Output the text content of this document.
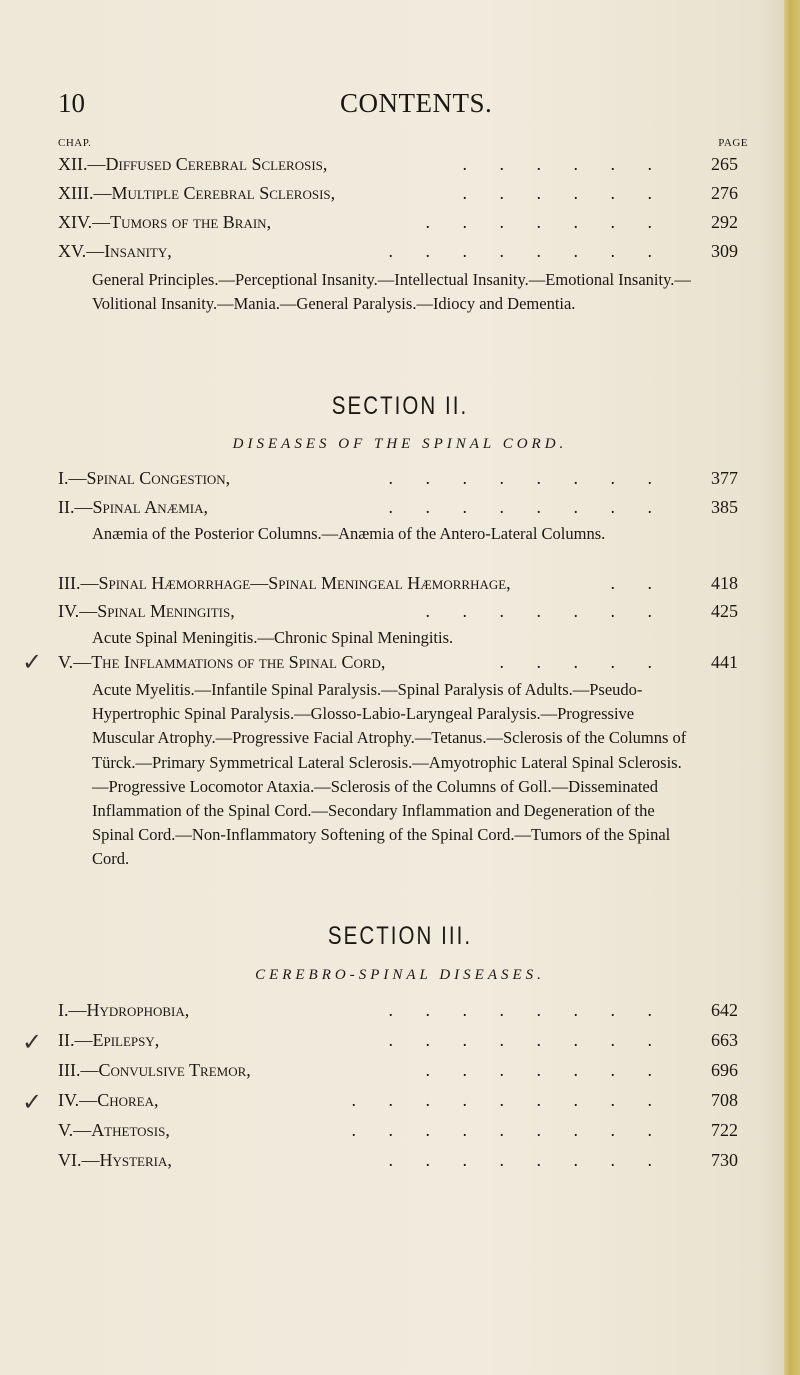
10	CONTENTS.
CHAP.	PAGE
XII.—Diffused Cerebral Sclerosis,	. . . . . .	265
XIII.—Multiple Cerebral Sclerosis,	. . . . . .	276
XIV.—Tumors of the Brain,	. . . . . . .	292
XV.—Insanity,	. . . . . . . .	309
General Principles.—Perceptional Insanity.—Intellectual Insanity.—Emotional Insanity.—Volitional Insanity.—Mania.—General Paralysis.—Idiocy and Dementia.
SECTION II.
DISEASES OF THE SPINAL CORD.
I.—Spinal Congestion,	. . . . . . . .	377
II.—Spinal Anæmia,	. . . . . . . .	385
Anæmia of the Posterior Columns.—Anæmia of the Antero-Lateral Columns.
III.—Spinal Hæmorrhage—Spinal Meningeal Hæmorrhage,	. .	418
IV.—Spinal Meningitis,	. . . . . . .	425
Acute Spinal Meningitis.—Chronic Spinal Meningitis.
V.—The Inflammations of the Spinal Cord,	. . . . .	441
Acute Myelitis.—Infantile Spinal Paralysis.—Spinal Paralysis of Adults.—Pseudo-Hypertrophic Spinal Paralysis.—Glosso-Labio-Laryngeal Paralysis.—Progressive Muscular Atrophy.—Progressive Facial Atrophy.—Tetanus.—Sclerosis of the Columns of Türck.—Primary Symmetrical Lateral Sclerosis.—Amyotrophic Lateral Spinal Sclerosis.—Progressive Locomotor Ataxia.—Sclerosis of the Columns of Goll.—Disseminated Inflammation of the Spinal Cord.—Secondary Inflammation and Degeneration of the Spinal Cord.—Non-Inflammatory Softening of the Spinal Cord.—Tumors of the Spinal Cord.
✓
SECTION III.
CEREBRO-SPINAL DISEASES.
I.—Hydrophobia,	. . . . . . . .	642
II.—Epilepsy,	. . . . . . . .	663
III.—Convulsive Tremor,	. . . . . . .	696
IV.—Chorea,	. . . . . . . . .	708
V.—Athetosis,	. . . . . . . . .	722
VI.—Hysteria,	. . . . . . . .	730
✓
✓
